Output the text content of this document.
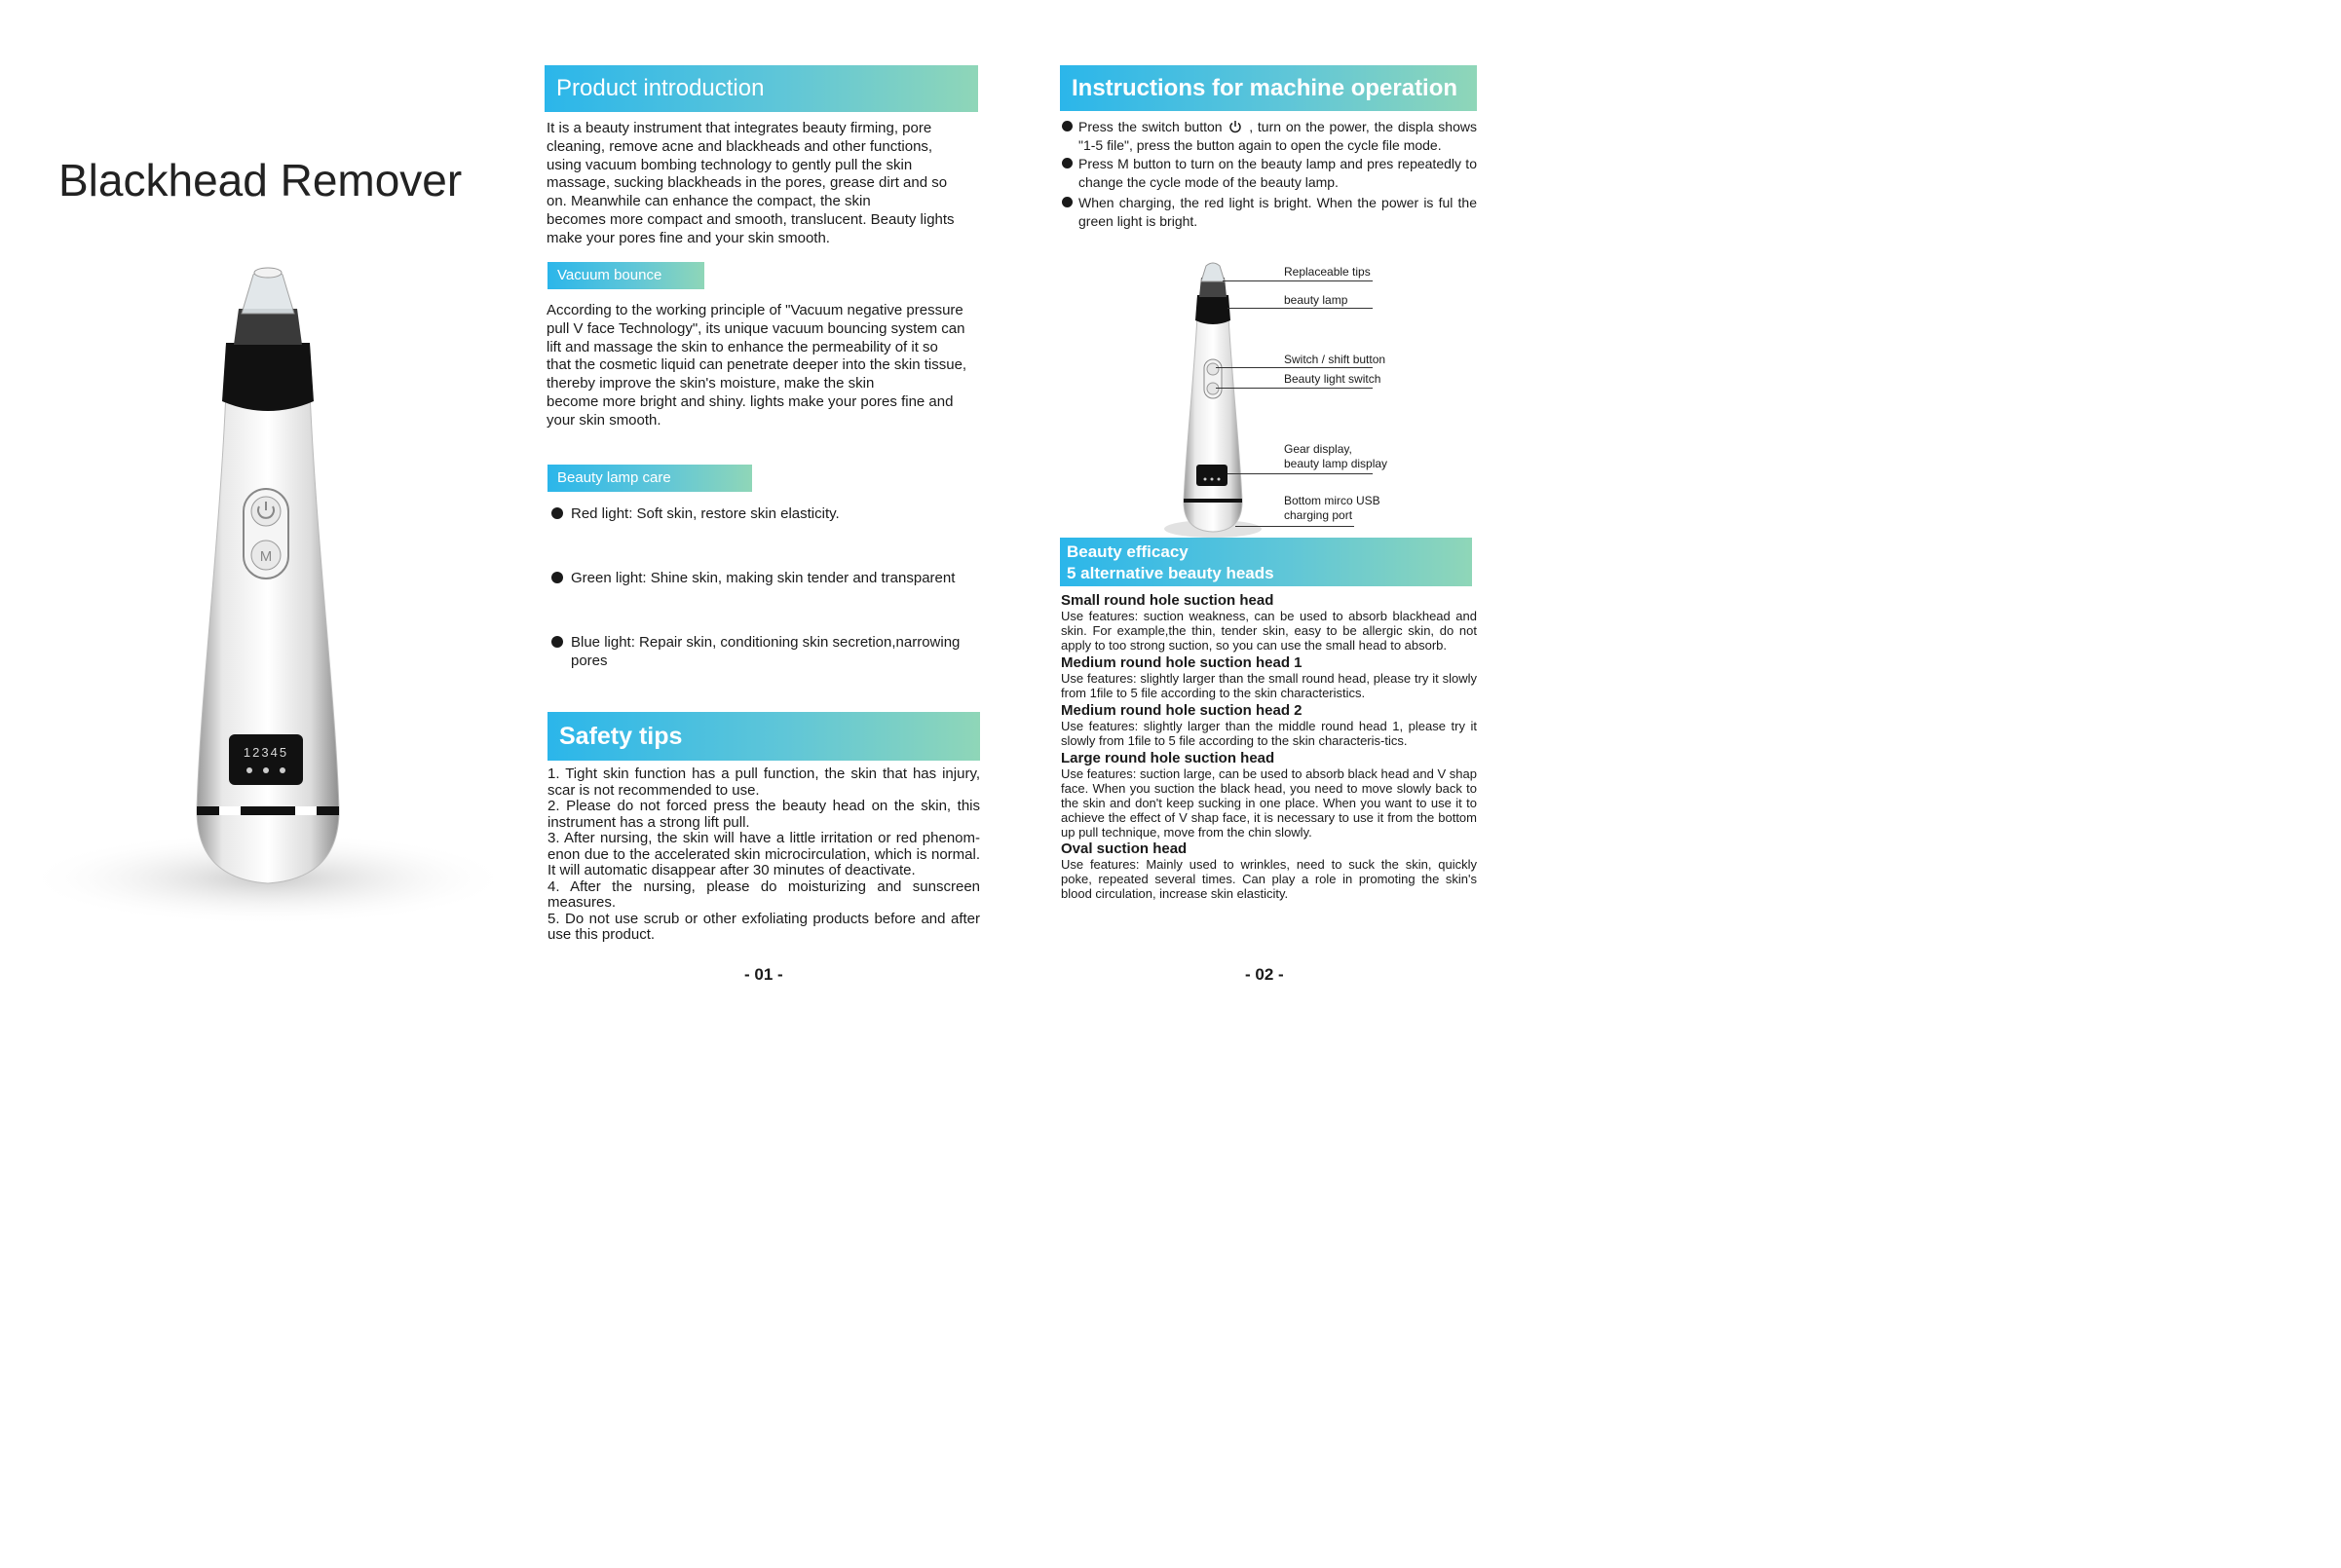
Blackhead Remover
M
12345
Product introduction
It is a beauty instrument that integrates beauty firming, pore
cleaning, remove acne and blackheads and other functions,
using vacuum bombing technology to gently pull the skin
massage, sucking blackheads in the pores, grease dirt and so
on. Meanwhile can enhance the compact, the skin
becomes more compact and smooth, translucent. Beauty lights
make your pores fine and your skin smooth.
Vacuum bounce
According to the working principle of "Vacuum negative pressure
pull V face Technology", its unique vacuum bouncing system can
lift and massage the skin to enhance the permeability of it so
that the cosmetic liquid can penetrate deeper into the skin tissue,
thereby improve the skin's moisture, make the skin
become more bright and shiny. lights make your pores fine and
your skin smooth.
Beauty lamp care
Red light: Soft skin, restore skin elasticity.
Green light: Shine skin, making skin tender and transparent
Blue light: Repair skin, conditioning skin secretion,narrowing pores
Safety tips
1. Tight skin function has a pull function, the skin that has injury, scar is not recommended to use.
2. Please do not forced press the beauty head on the skin, this instrument has a strong lift pull.
3. After nursing, the skin will have a little irritation or red phenom-enon due to the accelerated skin microcirculation, which is normal. It will automatic disappear after 30 minutes of deactivate.
4. After the nursing, please do moisturizing and sunscreen measures.
5. Do not use scrub or other exfoliating products before and after use this product.
- 01 -
Instructions for machine operation
Press the switch button  , turn on the power, the displa shows "1-5 file", press the button again to open the cycle file mode.
Press M button to turn on the beauty lamp and pres repeatedly to change the cycle mode of the beauty lamp.
When charging, the red light is bright. When the power is ful the green light is bright.
Replaceable tips
beauty lamp
Switch / shift button
Beauty light switch
Gear display,
beauty lamp display
Bottom mirco USB
charging port
Beauty efficacy
5 alternative beauty heads
Small round hole suction head
Use features: suction weakness, can be used to absorb blackhead and skin. For example,the thin, tender skin, easy to be allergic skin, do not apply to too strong suction, so you can use the small head to absorb.
Medium round hole suction head 1
Use features: slightly larger than the small round head, please try it slowly from 1file to 5 file according to the skin characteristics.
Medium round hole suction head 2
Use features: slightly larger than the middle round head 1, please try it slowly from 1file to 5 file according to the skin characteris-tics.
Large round hole suction head
Use features: suction large, can be used to absorb black head and V shap face. When you suction the black head, you need to move slowly back to the skin and don't keep sucking in one place. When you want to use it to achieve the effect of V shap face, it is necessary to use it from the bottom up pull technique, move from the chin slowly.
Oval suction head
Use features: Mainly used to wrinkles, need to suck the skin, quickly poke, repeated several times. Can play a role in promoting the skin's blood circulation, increase skin elasticity.
- 02 -
